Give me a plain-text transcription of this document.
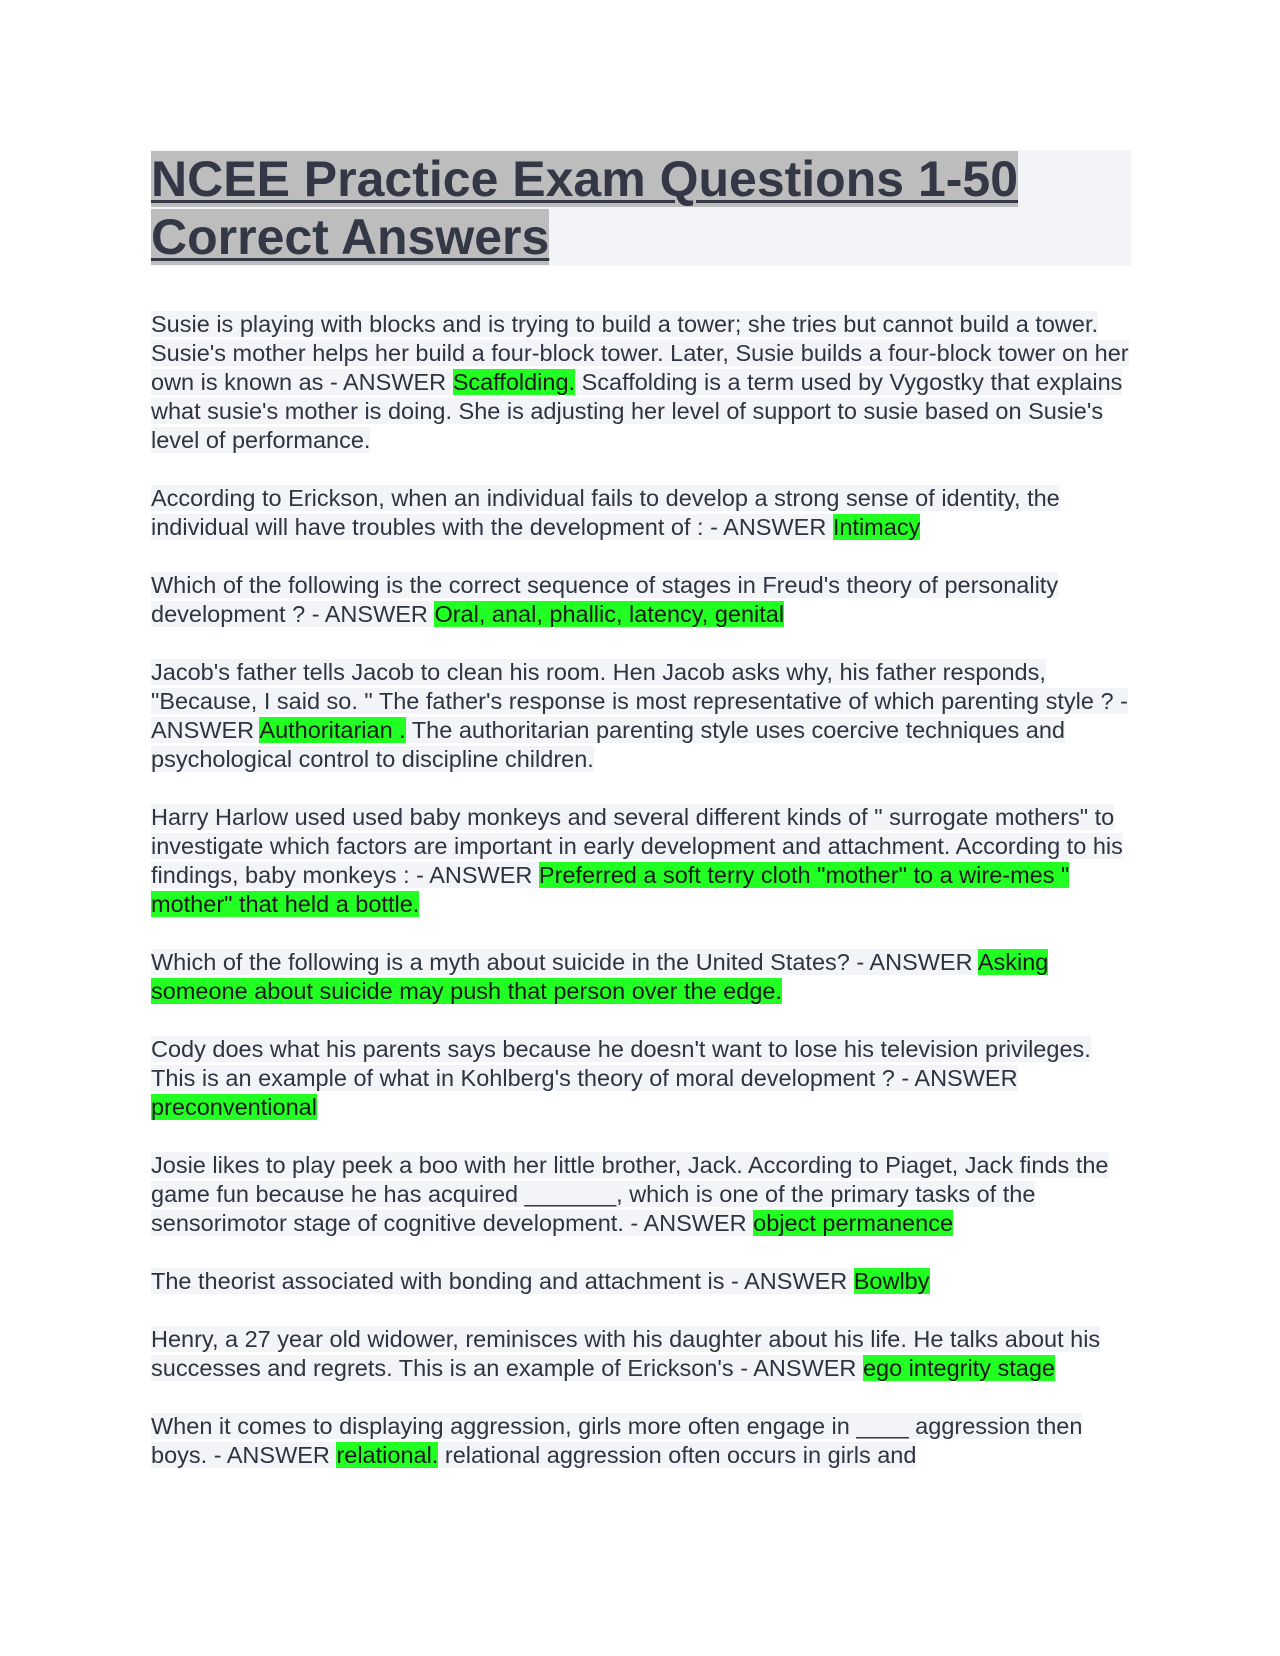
NCEE Practice Exam Questions 1-50
Correct Answers
Susie is playing with blocks and is trying to build a tower; she tries but cannot build a tower. Susie's mother helps her build a four-block tower. Later, Susie builds a four-block tower on her own is known as - ANSWER Scaffolding. Scaffolding is a term used by Vygostky that explains what susie's mother is doing. She is adjusting her level of support to susie based on Susie's level of performance.
According to Erickson, when an individual fails to develop a strong sense of identity, the individual will have troubles with the development of : - ANSWER Intimacy
Which of the following is the correct sequence of stages in Freud's theory of personality development ? - ANSWER Oral, anal, phallic, latency, genital
Jacob's father tells Jacob to clean his room. Hen Jacob asks why, his father responds, "Because, I said so. " The father's response is most representative of which parenting style ? - ANSWER Authoritarian . The authoritarian parenting style uses coercive techniques and psychological control to discipline children.
Harry Harlow used used baby monkeys and several different kinds of " surrogate mothers" to investigate which factors are important in early development and attachment. According to his findings, baby monkeys : - ANSWER Preferred a soft terry cloth "mother" to a wire-mes " mother" that held a bottle.
Which of the following is a myth about suicide in the United States? - ANSWER Asking someone about suicide may push that person over the edge.
Cody does what his parents says because he doesn't want to lose his television privileges. This is an example of what in Kohlberg's theory of moral development ? - ANSWER preconventional
Josie likes to play peek a boo with her little brother, Jack. According to Piaget, Jack finds the game fun because he has acquired _______, which is one of the primary tasks of the sensorimotor stage of cognitive development. - ANSWER object permanence
The theorist associated with bonding and attachment is - ANSWER Bowlby
Henry, a 27 year old widower, reminisces with his daughter about his life. He talks about his successes and regrets. This is an example of Erickson's - ANSWER ego integrity stage
When it comes to displaying aggression, girls more often engage in ____ aggression then boys. - ANSWER relational. relational aggression often occurs in girls and
